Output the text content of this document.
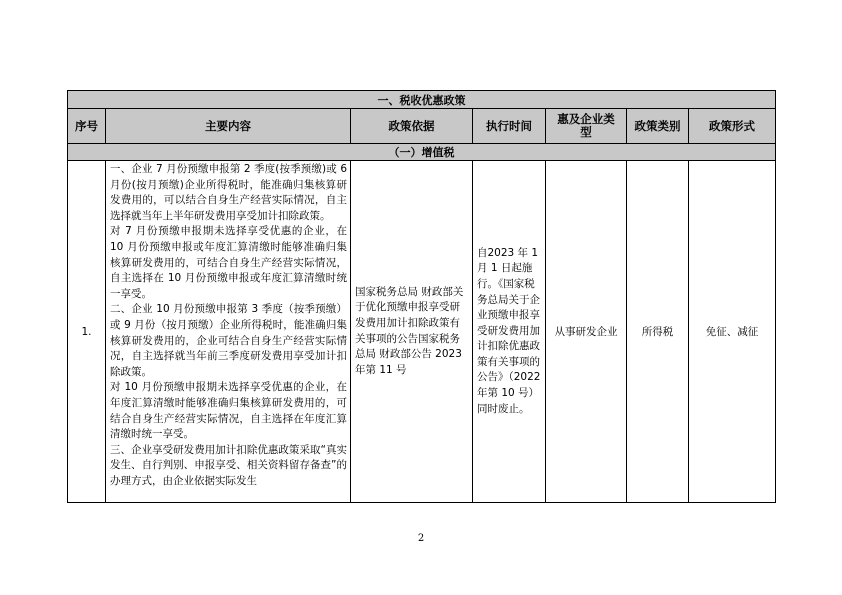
一、税收优惠政策						
序号	主要内容	政策依据	执行时间	惠及企业类型	政策类别	政策形式
（一）增值税						
1.	一、企业 7 月份预缴申报第 2 季度(按季预缴)或 6 月份(按月预缴)企业所得税时，能准确归集核算研发费用的，可以结合自身生产经营实际情况，自主选择就当年上半年研发费用享受加计扣除政策。

对 7 月份预缴申报期未选择享受优惠的企业，在 10 月份预缴申报或年度汇算清缴时能够准确归集核算研发费用的，可结合自身生产经营实际情况，自主选择在 10 月份预缴申报或年度汇算清缴时统一享受。

二、企业 10 月份预缴申报第 3 季度（按季预缴）或 9 月份（按月预缴）企业所得税时，能准确归集核算研发费用的，企业可结合自身生产经营实际情况，自主选择就当年前三季度研发费用享受加计扣除政策。

对 10 月份预缴申报期未选择享受优惠的企业，在年度汇算清缴时能够准确归集核算研发费用的，可结合自身生产经营实际情况，自主选择在年度汇算清缴时统一享受。

三、企业享受研发费用加计扣除优惠政策采取“真实发生、自行判别、申报享受、相关资料留存备查”的办理方式，由企业依据实际发生	国家税务总局 财政部关于优化预缴申报享受研发费用加计扣除政策有关事项的公告国家税务总局 财政部公告 2023 年第 11 号	自2023 年 1 月 1 日起施行。《国家税务总局关于企业预缴申报享受研发费用加计扣除优惠政策有关事项的公告》（2022 年第 10 号）同时废止。	从事研发企业	所得税	免征、减征
2
